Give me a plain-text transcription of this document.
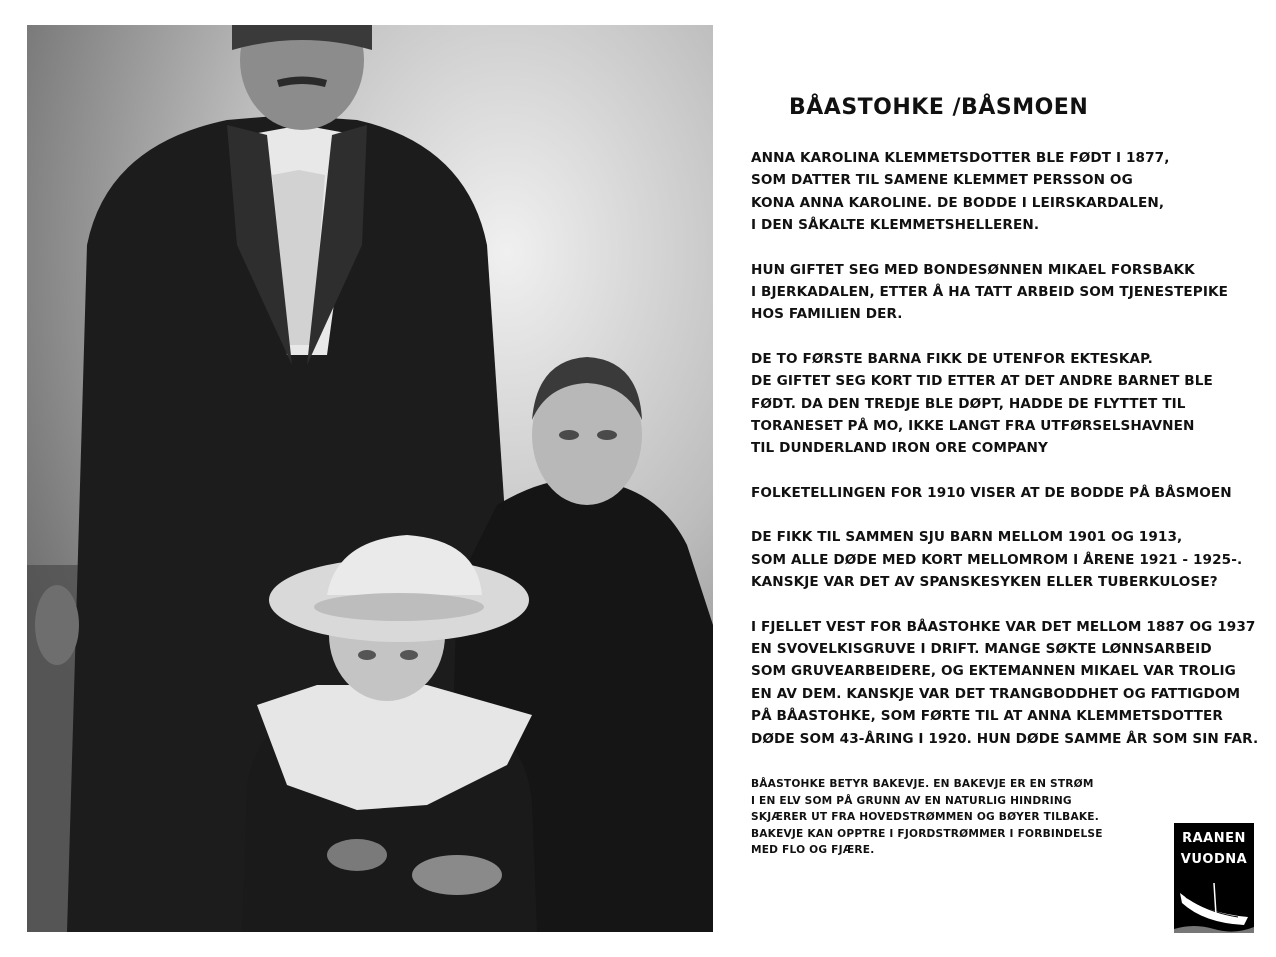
BÅASTOHKE /BÅSMOEN
ANNA KAROLINA KLEMMETSDOTTER BLE FØDT I 1877,
SOM DATTER TIL SAMENE KLEMMET PERSSON OG
KONA ANNA KAROLINE. DE BODDE I LEIRSKARDALEN,
I DEN SÅKALTE KLEMMETSHELLEREN.
HUN GIFTET SEG MED BONDESØNNEN MIKAEL FORSBAKK
I BJERKADALEN, ETTER Å HA TATT ARBEID SOM TJENESTEPIKE
HOS FAMILIEN DER.
DE TO FØRSTE BARNA FIKK DE UTENFOR EKTESKAP.
DE GIFTET SEG KORT TID ETTER AT DET ANDRE BARNET BLE
FØDT. DA DEN TREDJE BLE DØPT, HADDE DE FLYTTET TIL
TORANESET PÅ MO, IKKE LANGT FRA UTFØRSELSHAVNEN
TIL DUNDERLAND IRON ORE COMPANY
FOLKETELLINGEN FOR 1910 VISER AT DE BODDE PÅ BÅSMOEN
DE FIKK TIL SAMMEN SJU BARN MELLOM 1901 OG 1913,
SOM ALLE DØDE MED KORT MELLOMROM I ÅRENE 1921 - 1925-.
KANSKJE VAR DET AV SPANSKESYKEN ELLER TUBERKULOSE?
I FJELLET VEST FOR BÅASTOHKE VAR DET MELLOM 1887 OG 1937
EN SVOVELKISGRUVE I DRIFT. MANGE SØKTE LØNNSARBEID
SOM GRUVEARBEIDERE, OG EKTEMANNEN MIKAEL VAR TROLIG
EN AV DEM. KANSKJE VAR DET TRANGBODDHET OG FATTIGDOM
PÅ BÅASTOHKE, SOM FØRTE TIL AT ANNA KLEMMETSDOTTER
DØDE SOM 43-ÅRING I 1920. HUN DØDE SAMME ÅR SOM SIN FAR.
BÅASTOHKE BETYR BAKEVJE. EN BAKEVJE ER EN STRØM
I EN ELV SOM PÅ GRUNN AV EN NATURLIG HINDRING
SKJÆRER UT FRA HOVEDSTRØMMEN OG BØYER TILBAKE.
BAKEVJE KAN OPPTRE I FJORDSTRØMMER I FORBINDELSE
MED FLO OG FJÆRE.
RAANEN
VUODNA
